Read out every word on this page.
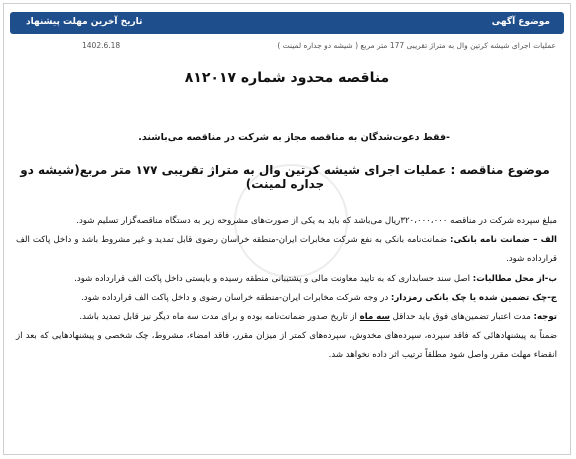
موضوع آگهی
تاریخ آخرین مهلت پیشنهاد
عملیات اجرای شیشه کرتین وال به متراژ تقریبی 177 متر مربع ( شیشه دو جداره لمینت )
1402.6.18
مناقصه محدود شماره ۸۱۲۰۱۷
-فقط دعوت‌شدگان به مناقصه مجاز به شرکت در مناقصه می‌باشند.
موضوع مناقصه : عملیات اجرای شیشه کرتین وال به متراژ تقریبی ۱۷۷ متر مربع(شیشه دو جداره لمینت)
مبلغ سپرده شرکت در مناقصه ۳۲۰،۰۰۰،۰۰۰ریال می‌باشد که باید به یکی از صورت‌های مشروحه زیر به دستگاه مناقصه‌گزار تسلیم شود.
الف – ضمانت نامه بانکی: ضمانت‌نامه بانکی به نفع شرکت مخابرات ایران-منطقه خراسان رضوی قابل تمدید و غیر مشروط باشد و داخل پاکت الف قرارداده شود.
ب-از محل مطالبات: اصل سند حسابداری که به تایید معاونت مالی و پشتیبانی منطقه رسیده و بایستی داخل پاکت الف قرارداده شود.
ج-چک تضمین شده یا چک بانکی رمزدار: در وجه شرکت مخابرات ایران-منطقه خراسان رضوی و داخل پاکت الف قرارداده شود.
توجه: مدت اعتبار تضمین‌های فوق باید حداقل سه ماه از تاریخ صدور ضمانت‌نامه بوده و برای مدت سه ماه دیگر نیز قابل تمدید باشد.
ضمناً به پیشنهادهائی که فاقد سپرده، سپرده‌های مخدوش، سپرده‌های کمتر از میزان مقرر، فاقد امضاء، مشروط، چک شخصی و پیشنهادهایی که بعد از انقضاء مهلت مقرر واصل شود مطلقاً ترتیب اثر داده نخواهد شد.
